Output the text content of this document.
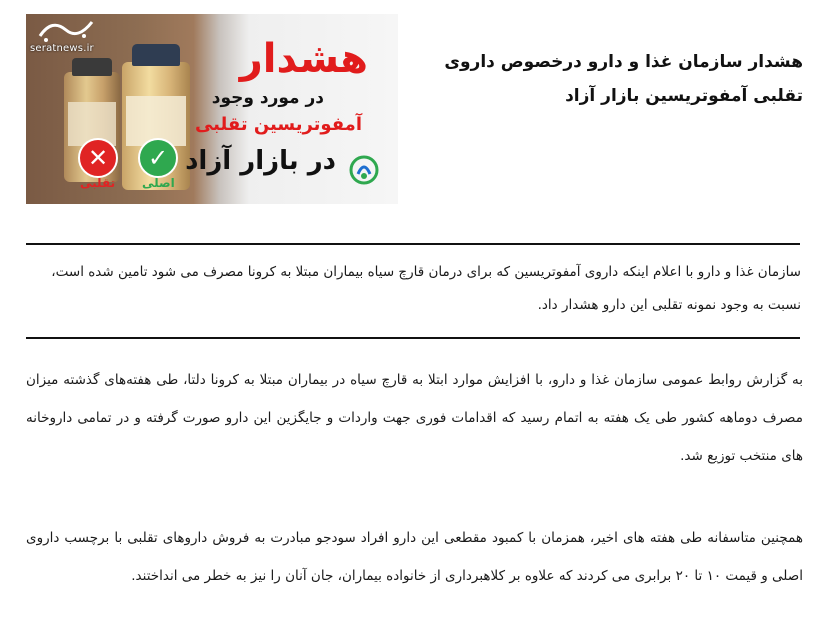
seratnews.ir
✕	✓
تقلبی اصلی
هشدار
در مورد وجود
آمفوتریسین تقلبی
در بازار آزاد
هشدار سازمان غذا و دارو درخصوص داروی تقلبی آمفوتریسین بازار آزاد
سازمان غذا و دارو با اعلام اینکه داروی آمفوتریسین که برای درمان قارچ سیاه بیماران مبتلا به کرونا مصرف می شود تامین شده است، نسبت به وجود نمونه تقلبی این دارو هشدار داد.
به گزارش روابط عمومی سازمان غذا و دارو، با افزایش موارد ابتلا به قارچ سیاه در بیماران مبتلا به کرونا دلتا، طی هفته‌های گذشته میزان مصرف دوماهه کشور طی یک هفته به اتمام رسید که اقدامات فوری جهت واردات و جایگزین این دارو صورت گرفته و در تمامی داروخانه های منتخب توزیع شد.
همچنین متاسفانه طی هفته های اخیر، همزمان با کمبود مقطعی این دارو افراد سودجو مبادرت به فروش داروهای تقلبی با برچسب داروی اصلی و قیمت ۱۰ تا ۲۰ برابری می کردند که علاوه بر کلاهبرداری از خانواده بیماران، جان آنان را نیز به خطر می انداختند.
